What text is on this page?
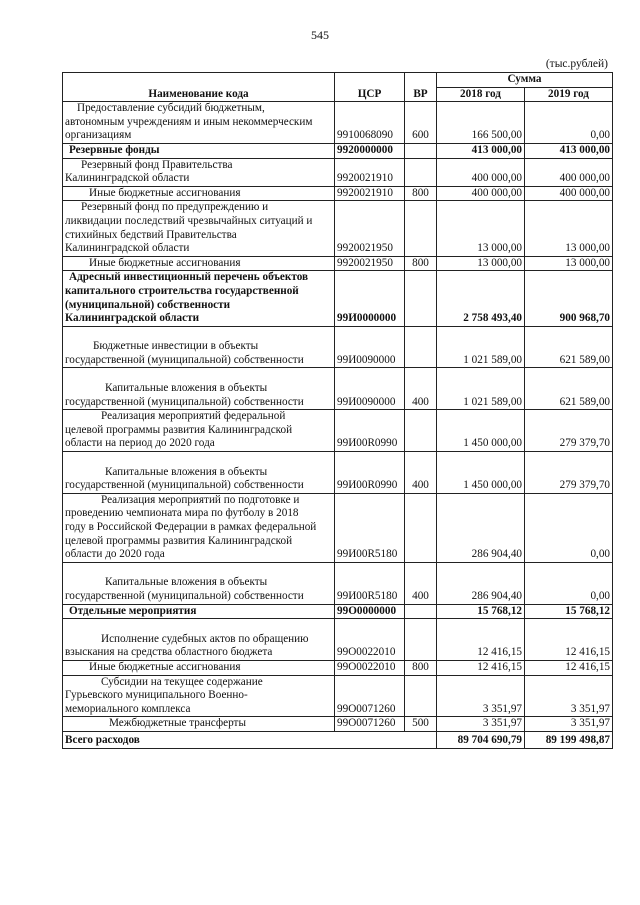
545
(тыс.рублей)
Наименование кода	ЦСР	ВР	Сумма	
			2018 год	2019 год

Предоставление субсидий бюджетным,
автономным учреждениям и иным некоммерческим
организациям	9910068090	600	166 500,00	0,00

Резервные фонды	9920000000		413 000,00	413 000,00

Резервный фонд Правительства
Калининградской области	9920021910		400 000,00	400 000,00

Иные бюджетные ассигнования	9920021910	800	400 000,00	400 000,00

Резервный фонд по предупреждению и
ликвидации последствий чрезвычайных ситуаций и
стихийных бедствий Правительства
Калининградской области	9920021950		13 000,00	13 000,00

Иные бюджетные ассигнования	9920021950	800	13 000,00	13 000,00

Адресный инвестиционный перечень объектов
капитального строительства государственной
(муниципальной) собственности
Калининградской области	99И0000000		2 758 493,40	900 968,70

Бюджетные инвестиции в объекты
государственной (муниципальной) собственности	99И0090000		1 021 589,00	621 589,00

Капитальные вложения в объекты
государственной (муниципальной) собственности	99И0090000	400	1 021 589,00	621 589,00

Реализация мероприятий федеральной
целевой программы развития Калининградской
области на период до 2020 года	99И00R0990		1 450 000,00	279 379,70

Капитальные вложения в объекты
государственной (муниципальной) собственности	99И00R0990	400	1 450 000,00	279 379,70

Реализация мероприятий по подготовке и
проведению чемпионата мира по футболу в 2018
году в Российской Федерации в рамках федеральной
целевой программы развития Калининградской
области до 2020 года	99И00R5180		286 904,40	0,00

Капитальные вложения в объекты
государственной (муниципальной) собственности	99И00R5180	400	286 904,40	0,00

Отдельные мероприятия	99О0000000		15 768,12	15 768,12

Исполнение судебных актов по обращению
взыскания на средства областного бюджета	99О0022010		12 416,15	12 416,15

Иные бюджетные ассигнования	99О0022010	800	12 416,15	12 416,15

Субсидии на текущее содержание
Гурьевского муниципального Военно-
мемориального комплекса	99О0071260		3 351,97	3 351,97

Межбюджетные трансферты	99О0071260	500	3 351,97	3 351,97
Всего расходов			89 704 690,79	89 199 498,87
